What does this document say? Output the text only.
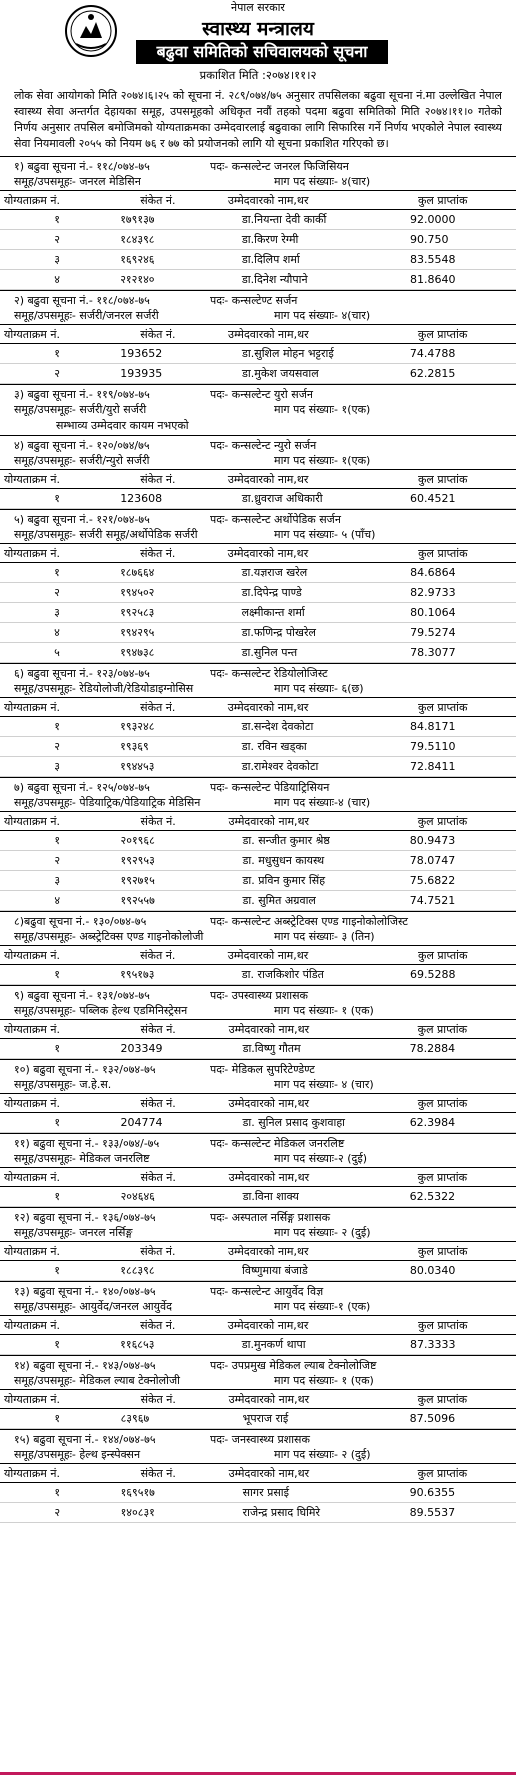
नेपाल सरकार
स्वास्थ्य मन्त्रालय
बढुवा समितिको सचिवालयको सूचना
प्रकाशित मिति :२०७४।११।२
लोक सेवा आयोगको मिति २०७४।६।२५ को सूचना नं. २८९/०७४/७५ अनुसार तपसिलका बढुवा सूचना नं.मा उल्लेखित नेपाल स्वास्थ्य सेवा अन्तर्गत देहायका समूह, उपसमूहको अधिकृत नवौं तहको पदमा बढुवा समितिको मिति २०७४।११।० गतेको निर्णय अनुसार तपसिल बमोजिमको योग्यताक्रमका उम्मेदवारलाई बढुवाका लागि सिफारिस गर्ने निर्णय भएकोले नेपाल स्वास्थ्य सेवा नियमावली २०५५ को नियम ७६ र ७७ को प्रयोजनको लागि यो सूचना प्रकाशित गरिएको छ।
१) बढुवा सूचना नं.- ११८/०७४-७५	पदः- कन्सल्टेन्ट जनरल फिजिसियन
समूह/उपसमूहः- जनरल मेडिसिन	माग पद संख्याः- ४(चार)
योग्यताक्रम नं.	संकेत नं.	उम्मेदवारको नाम,थर	कुल प्राप्तांक
१	१७९१३७	डा.नियन्ता देवी कार्की	92.0000
२	१८४३९८	डा.किरण रेग्मी	90.750
३	१६९२४६	डा.दिलिप शर्मा	83.5548
४	२१२१४०	डा.दिनेश न्यौपाने	81.8640
२) बढुवा सूचना नं.- ११८/०७४-७५	पदः- कन्सल्टेण्ट सर्जन
समूह/उपसमूहः- सर्जरी/जनरल सर्जरी	माग पद संख्याः- ४(चार)
योग्यताक्रम नं.	संकेत नं.	उम्मेदवारको नाम,थर	कुल प्राप्तांक
१	193652	डा.सुशिल मोहन भट्टराई	74.4788
२	193935	डा.मुकेश जयसवाल	62.2815
३) बढुवा सूचना नं.- ११९/०७४-७५	पदः- कन्सल्टेन्ट युरो सर्जन
समूह/उपसमूहः- सर्जरी/युरो सर्जरी	माग पद संख्याः- १(एक)
सम्भाव्य उम्मेदवार कायम नभएको
४) बढुवा सूचना नं.- १२०/०७४/७५	पदः- कन्सल्टेन्ट न्युरो सर्जन
समूह/उपसमूहः- सर्जरी/न्युरो सर्जरी	माग पद संख्याः- १(एक)
योग्यताक्रम नं.	संकेत नं.	उम्मेदवारको नाम,थर	कुल प्राप्तांक
१	123608	डा.ध्रुवराज अधिकारी	60.4521
५) बढुवा सूचना नं.- १२१/०७४-७५	पदः- कन्सल्टेन्ट अर्थोपेडिक सर्जन
समूह/उपसमूहः- सर्जरी समूह/अर्थोपेडिक सर्जरी	माग पद संख्याः- ५ (पाँच)
योग्यताक्रम नं.	संकेत नं.	उम्मेदवारको नाम,थर	कुल प्राप्तांक
१	१८७६६४	डा.यज्ञराज खरेल	84.6864
२	१९४५०२	डा.दिपेन्द्र पाण्डे	82.9733
३	१९२५८३	लक्ष्मीकान्त शर्मा	80.1064
४	१९४२९५	डा.फणिन्द्र पोखरेल	79.5274
५	१९४७३८	डा.सुनिल पन्त	78.3077
६) बढुवा सूचना नं.- १२३/०७४-७५	पदः- कन्सल्टेन्ट रेडियोलोजिस्ट
समूह/उपसमूहः- रेडियोलोजी/रेडियोडाइग्नोसिस	माग पद संख्याः- ६(छ)
योग्यताक्रम नं.	संकेत नं.	उम्मेदवारको नाम,थर	कुल प्राप्तांक
१	१९३२४८	डा.सन्देश देवकोटा	84.8171
२	१९३६९	डा. रविन खड्का	79.5110
३	१९४४५३	डा.रामेश्वर देवकोटा	72.8411
७) बढुवा सूचना नं.- १२५/०७४-७५	पदः- कन्सल्टेन्ट पेडियाट्रिसियन
समूह/उपसमूहः- पेडियाट्रिक/पेडियाट्रिक मेडिसिन	माग पद संख्याः-४ (चार)
योग्यताक्रम नं.	संकेत नं.	उम्मेदवारको नाम,थर	कुल प्राप्तांक
१	२०१९६८	डा. सन्जीत कुमार श्रेष्ठ	80.9473
२	१९२९५३	डा. मधुसुधन कायस्थ	78.0747
३	१९२७१५	डा. प्रविन कुमार सिंह	75.6822
४	१९२५५७	डा. सुमित अग्रवाल	74.7521
८)बढुवा सूचना नं.- १३०/०७४-७५	पदः- कन्सल्टेन्ट अब्स्ट्रेटिक्स एण्ड गाइनोकोलोजिस्ट
समूह/उपसमूहः- अब्स्ट्रेटिक्स एण्ड गाइनोकोलोजी	माग पद संख्याः- ३ (तिन)
योग्यताक्रम नं.	संकेत नं.	उम्मेदवारको नाम,थर	कुल प्राप्तांक
१	१९५१७३	डा. राजकिशोर पंडित	69.5288
९) बढुवा सूचना नं.- १३१/०७४-७५	पदः- उपस्वास्थ्य प्रशासक
समूह/उपसमूहः- पब्लिक हेल्थ एडमिनिस्ट्रेसन	माग पद संख्याः- १ (एक)
योग्यताक्रम नं.	संकेत नं.	उम्मेदवारको नाम,थर	कुल प्राप्तांक
१	203349	डा.विष्णु गौतम	78.2884
१०) बढुवा सूचना नं.- १३२/०७४-७५	पदः- मेडिकल सुपरिटेण्डेण्ट
समूह/उपसमूहः- ज.हे.स.	माग पद संख्याः- ४ (चार)
योग्यताक्रम नं.	संकेत नं.	उम्मेदवारको नाम,थर	कुल प्राप्तांक
१	204774	डा. सुनिल प्रसाद कुशवाहा	62.3984
११) बढुवा सूचना नं.- १३३/०७४/-७५	पदः- कन्सल्टेन्ट मेडिकल जनरलिष्ट
समूह/उपसमूहः- मेडिकल जनरलिष्ट	माग पद संख्याः-२ (दुई)
योग्यताक्रम नं.	संकेत नं.	उम्मेदवारको नाम,थर	कुल प्राप्तांक
१	२०४६४६	डा.विना शाक्य	62.5322
१२) बढुवा सूचना नं.- १३६/०७४-७५	पदः- अस्पताल नर्सिङ्ग प्रशासक
समूह/उपसमूहः- जनरल नर्सिङ्ग	माग पद संख्याः- २ (दुई)
योग्यताक्रम नं.	संकेत नं.	उम्मेदवारको नाम,थर	कुल प्राप्तांक
१	१८८३९८	विष्णुमाया बंजाडे	80.0340
१३) बढुवा सूचना नं.- १४०/०७४-७५	पदः- कन्सल्टेन्ट आयुर्वेद विज्ञ
समूह/उपसमूहः- आयुर्वेद/जनरल आयुर्वेद	माग पद संख्याः-१ (एक)
योग्यताक्रम नं.	संकेत नं.	उम्मेदवारको नाम,थर	कुल प्राप्तांक
१	११६८५३	डा.मुनकर्ण थापा	87.3333
१४) बढुवा सूचना नं.- १४३/०७४-७५	पदः- उपप्रमुख मेडिकल ल्याब टेक्नोलोजिष्ट
समूह/उपसमूहः- मेडिकल ल्याब टेक्नोलोजी	माग पद संख्याः- १ (एक)
योग्यताक्रम नं.	संकेत नं.	उम्मेदवारको नाम,थर	कुल प्राप्तांक
१	८३९६७	भूपराज राई	87.5096
१५) बढुवा सूचना नं.- १४४/०७४-७५	पदः- जनस्वास्थ्य प्रशासक
समूह/उपसमूहः- हेल्थ इन्स्पेक्सन	माग पद संख्याः- २ (दुई)
योग्यताक्रम नं.	संकेत नं.	उम्मेदवारको नाम,थर	कुल प्राप्तांक
१	१६९५१७	सागर प्रसाई	90.6355
२	१४०८३१	राजेन्द्र प्रसाद घिमिरे	89.5537
